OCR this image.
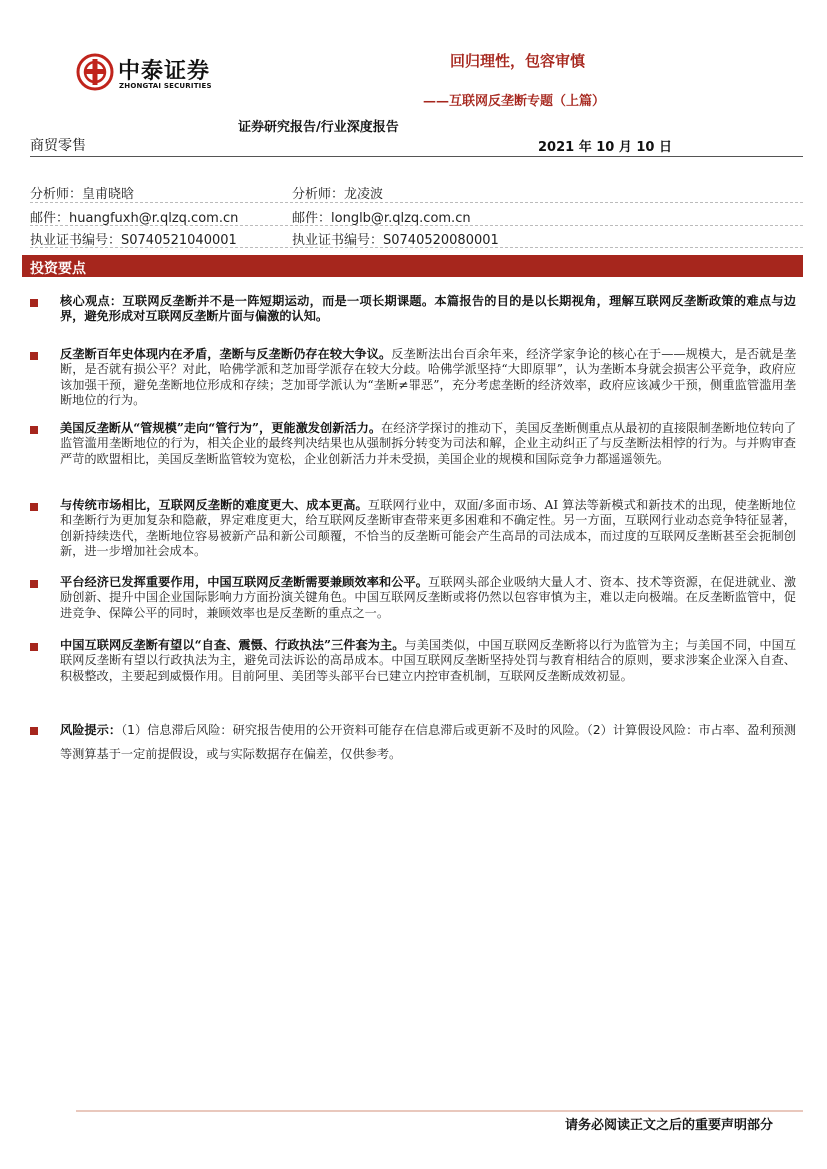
中泰证券
ZHONGTAI SECURITIES
回归理性，包容审慎
——互联网反垄断专题（上篇）
证券研究报告/行业深度报告
商贸零售	2021 年 10 月 10 日
分析师：皇甫晓晗
邮件：huangfuxh@r.qlzq.com.cn
执业证书编号：S0740521040001
分析师：龙凌波
邮件：longlb@r.qlzq.com.cn
执业证书编号：S0740520080001
投资要点
核心观点：互联网反垄断并不是一阵短期运动，而是一项长期课题。本篇报告的目的是以长期视角，理解互联网反垄断政策的难点与边界，避免形成对互联网反垄断片面与偏激的认知。
反垄断百年史体现内在矛盾，垄断与反垄断仍存在较大争议。反垄断法出台百余年来，经济学家争论的核心在于——规模大，是否就是垄断，是否就有损公平？对此，哈佛学派和芝加哥学派存在较大分歧。哈佛学派坚持“大即原罪”，认为垄断本身就会损害公平竞争，政府应该加强干预，避免垄断地位形成和存续；芝加哥学派认为“垄断≠罪恶”，充分考虑垄断的经济效率，政府应该减少干预，侧重监管滥用垄断地位的行为。
美国反垄断从“管规模”走向“管行为”，更能激发创新活力。在经济学探讨的推动下，美国反垄断侧重点从最初的直接限制垄断地位转向了监管滥用垄断地位的行为，相关企业的最终判决结果也从强制拆分转变为司法和解，企业主动纠正了与反垄断法相悖的行为。与并购审查严苛的欧盟相比，美国反垄断监管较为宽松，企业创新活力并未受损，美国企业的规模和国际竞争力都遥遥领先。
与传统市场相比，互联网反垄断的难度更大、成本更高。互联网行业中，双面/多面市场、AI 算法等新模式和新技术的出现，使垄断地位和垄断行为更加复杂和隐蔽，界定难度更大，给互联网反垄断审查带来更多困难和不确定性。另一方面，互联网行业动态竞争特征显著，创新持续迭代，垄断地位容易被新产品和新公司颠覆，不恰当的反垄断可能会产生高昂的司法成本，而过度的互联网反垄断甚至会扼制创新，进一步增加社会成本。
平台经济已发挥重要作用，中国互联网反垄断需要兼顾效率和公平。互联网头部企业吸纳大量人才、资本、技术等资源，在促进就业、激励创新、提升中国企业国际影响力方面扮演关键角色。中国互联网反垄断或将仍然以包容审慎为主，难以走向极端。在反垄断监管中，促进竞争、保障公平的同时，兼顾效率也是反垄断的重点之一。
中国互联网反垄断有望以“自查、震慑、行政执法”三件套为主。与美国类似，中国互联网反垄断将以行为监管为主；与美国不同，中国互联网反垄断有望以行政执法为主，避免司法诉讼的高昂成本。中国互联网反垄断坚持处罚与教育相结合的原则，要求涉案企业深入自查、积极整改，主要起到威慑作用。目前阿里、美团等头部平台已建立内控审查机制，互联网反垄断成效初显。
风险提示：（1）信息滞后风险：研究报告使用的公开资料可能存在信息滞后或更新不及时的风险。（2）计算假设风险：市占率、盈利预测等测算基于一定前提假设，或与实际数据存在偏差，仅供参考。
请务必阅读正文之后的重要声明部分
